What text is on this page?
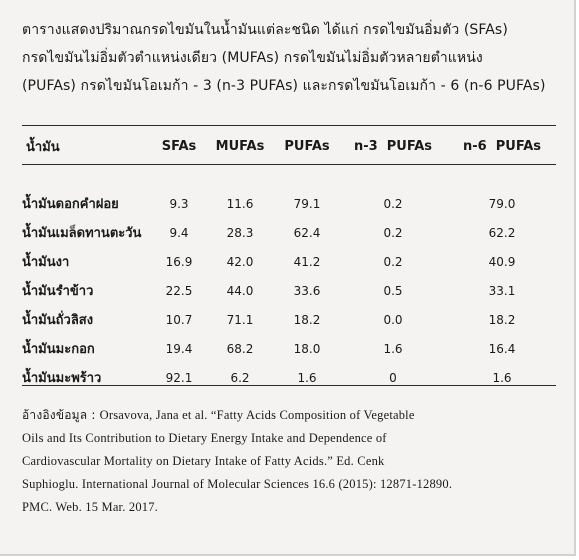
ตารางแสดงปริมาณกรดไขมันในน้ำมันแต่ละชนิด ได้แก่ กรดไขมันอิ่มตัว (SFAs)
กรดไขมันไม่อิ่มตัวตำแหน่งเดียว (MUFAs) กรดไขมันไม่อิ่มตัวหลายตำแหน่ง
(PUFAs) กรดไขมันโอเมก้า - 3 (n-3 PUFAs) และกรดไขมันโอเมก้า - 6 (n-6 PUFAs)
น้ำมัน	SFAs	MUFAs	PUFAs	n-3  PUFAs	n-6  PUFAs

น้ำมันดอกคำฝอย	9.3	11.6	79.1	0.2	79.0
น้ำมันเมล็ดทานตะวัน	9.4	28.3	62.4	0.2	62.2
น้ำมันงา	16.9	42.0	41.2	0.2	40.9
น้ำมันรำข้าว	22.5	44.0	33.6	0.5	33.1
น้ำมันถั่วลิสง	10.7	71.1	18.2	0.0	18.2
น้ำมันมะกอก	19.4	68.2	18.0	1.6	16.4
น้ำมันมะพร้าว	92.1	6.2	1.6	0	1.6
อ้างอิงข้อมูล : Orsavova, Jana et al. “Fatty Acids Composition of Vegetable
Oils and Its Contribution to Dietary Energy Intake and Dependence of
Cardiovascular Mortality on Dietary Intake of Fatty Acids.” Ed. Cenk
Suphioglu. International Journal of Molecular Sciences 16.6 (2015): 12871-12890.
PMC. Web. 15 Mar. 2017.
